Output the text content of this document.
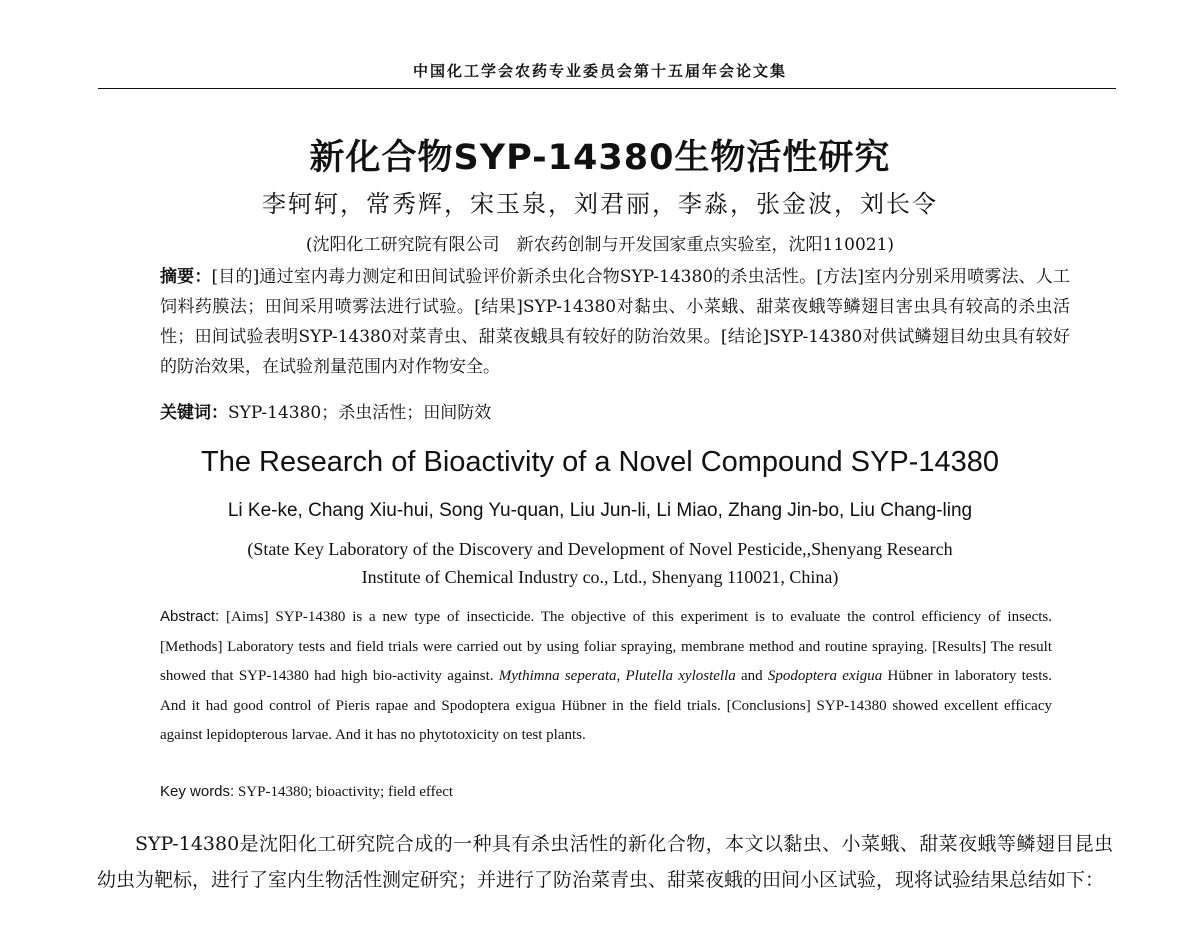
中国化工学会农药专业委员会第十五届年会论文集
新化合物SYP-14380生物活性研究
李轲轲，常秀辉，宋玉泉，刘君丽，李淼，张金波，刘长令
(沈阳化工研究院有限公司　新农药创制与开发国家重点实验室，沈阳110021)
摘要：[目的]通过室内毒力测定和田间试验评价新杀虫化合物SYP-14380的杀虫活性。[方法]室内分别采用喷雾法、人工饲料药膜法；田间采用喷雾法进行试验。[结果]SYP-14380对黏虫、小菜蛾、甜菜夜蛾等鳞翅目害虫具有较高的杀虫活性；田间试验表明SYP-14380对菜青虫、甜菜夜蛾具有较好的防治效果。[结论]SYP-14380对供试鳞翅目幼虫具有较好的防治效果，在试验剂量范围内对作物安全。
关键词：SYP-14380；杀虫活性；田间防效
The Research of Bioactivity of a Novel Compound SYP-14380
Li Ke-ke, Chang Xiu-hui, Song Yu-quan, Liu Jun-li, Li Miao, Zhang Jin-bo, Liu Chang-ling
(State Key Laboratory of the Discovery and Development of Novel Pesticide,,Shenyang Research
Institute of Chemical Industry co., Ltd., Shenyang 110021, China)
Abstract: [Aims] SYP-14380 is a new type of insecticide. The objective of this experiment is to evaluate the control efficiency of insects. [Methods] Laboratory tests and field trials were carried out by using foliar spraying, membrane method and routine spraying. [Results] The result showed that SYP-14380 had high bio-activity against. Mythimna seperata, Plutella xylostella and Spodoptera exigua Hübner in laboratory tests. And it had good control of Pieris rapae and Spodoptera exigua Hübner in the field trials. [Conclusions] SYP-14380 showed excellent efficacy against lepidopterous larvae. And it has no phytotoxicity on test plants.
Key words: SYP-14380; bioactivity; field effect
SYP-14380是沈阳化工研究院合成的一种具有杀虫活性的新化合物，本文以黏虫、小菜蛾、甜菜夜蛾等鳞翅目昆虫幼虫为靶标，进行了室内生物活性测定研究；并进行了防治菜青虫、甜菜夜蛾的田间小区试验，现将试验结果总结如下：
